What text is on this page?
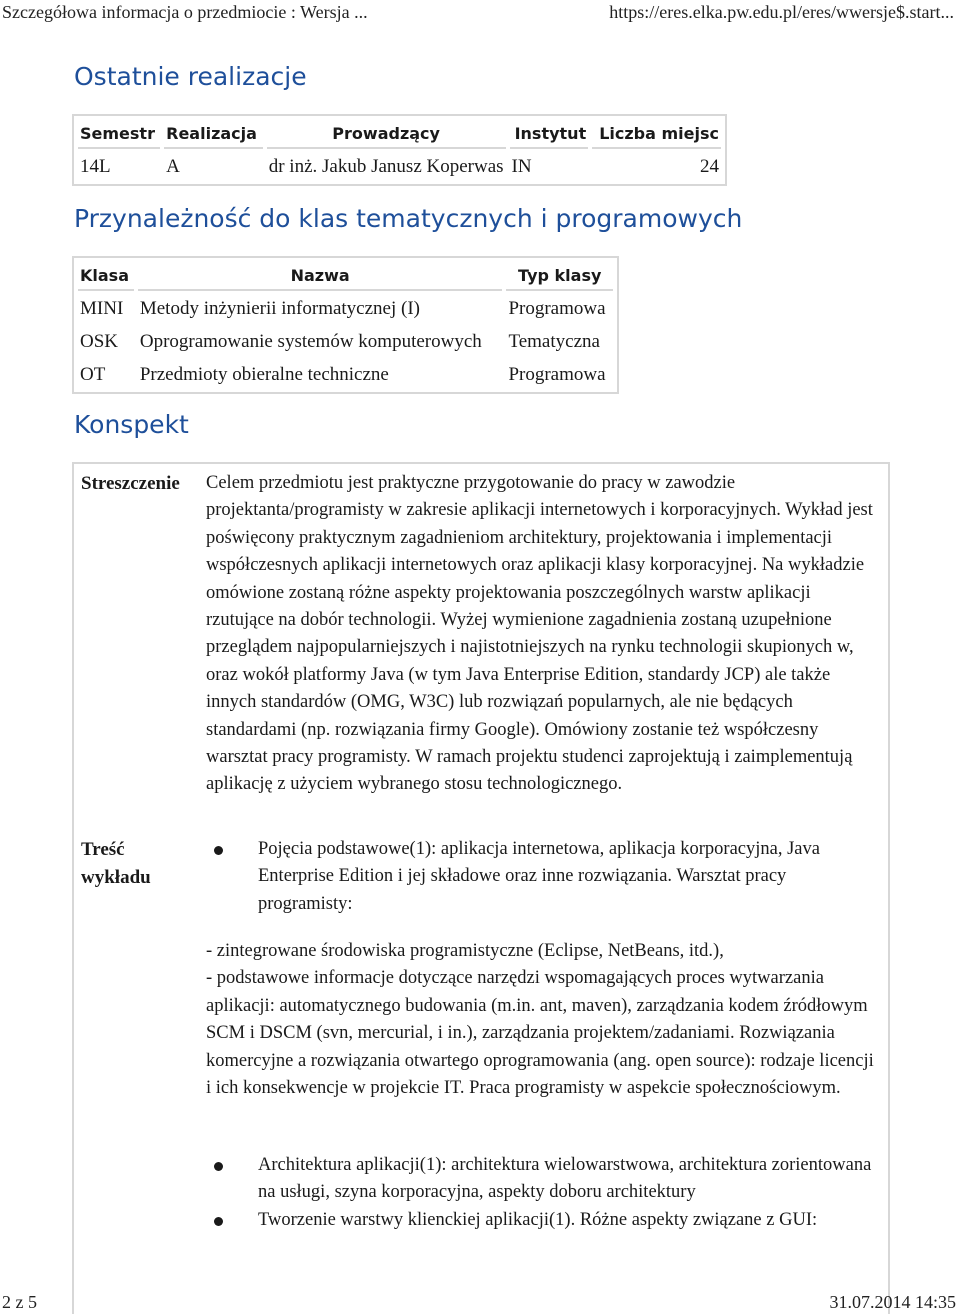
Szczegółowa informacja o przedmiocie : Wersja ...	https://eres.elka.pw.edu.pl/eres/wwersje$.start...
Ostatnie realizacje
Semestr	Realizacja	Prowadzący	Instytut	Liczba miejsc
14L	A	dr inż. Jakub Janusz Koperwas	IN	24
Przynależność do klas tematycznych i programowych
Klasa	Nazwa	Typ klasy
MINI	Metody inżynierii informatycznej (I)	Programowa
OSK	Oprogramowanie systemów komputerowych	Tematyczna
OT	Przedmioty obieralne techniczne	Programowa
Konspekt
Streszczenie Celem przedmiotu jest praktyczne przygotowanie do pracy w zawodzie projektanta/programisty w zakresie aplikacji internetowych i korporacyjnych. Wykład jest poświęcony praktycznym zagadnieniom architektury, projektowania i implementacji współczesnych aplikacji internetowych oraz aplikacji klasy korporacyjnej. Na wykładzie omówione zostaną różne aspekty projektowania poszczególnych warstw aplikacji rzutujące na dobór technologii. Wyżej wymienione zagadnienia zostaną uzupełnione przeglądem najpopularniejszych i najistotniejszych na rynku technologii skupionych w, oraz wokół platformy Java (w tym Java Enterprise Edition, standardy JCP) ale także innych standardów (OMG, W3C) lub rozwiązań popularnych, ale nie będących standardami (np. rozwiązania firmy Google). Omówiony zostanie też współczesny warsztat pracy programisty. W ramach projektu studenci zaprojektują i zaimplementują aplikację z użyciem wybranego stosu technologicznego.
Treść wykładu
Pojęcia podstawowe(1): aplikacja internetowa, aplikacja korporacyjna, Java Enterprise Edition i jej składowe oraz inne rozwiązania. Warsztat pracy programisty:
- zintegrowane środowiska programistyczne (Eclipse, NetBeans, itd.),
- podstawowe informacje dotyczące narzędzi wspomagających proces wytwarzania aplikacji: automatycznego budowania (m.in. ant, maven), zarządzania kodem źródłowym SCM i DSCM (svn, mercurial, i in.), zarządzania projektem/zadaniami. Rozwiązania komercyjne a rozwiązania otwartego oprogramowania (ang. open source): rodzaje licencji i ich konsekwencje w projekcie IT. Praca programisty w aspekcie społecznościowym.
Architektura aplikacji(1): architektura wielowarstwowa, architektura zorientowana na usługi, szyna korporacyjna, aspekty doboru architektury
Tworzenie warstwy klienckiej aplikacji(1). Różne aspekty związane z GUI:
2 z 5	31.07.2014 14:35
